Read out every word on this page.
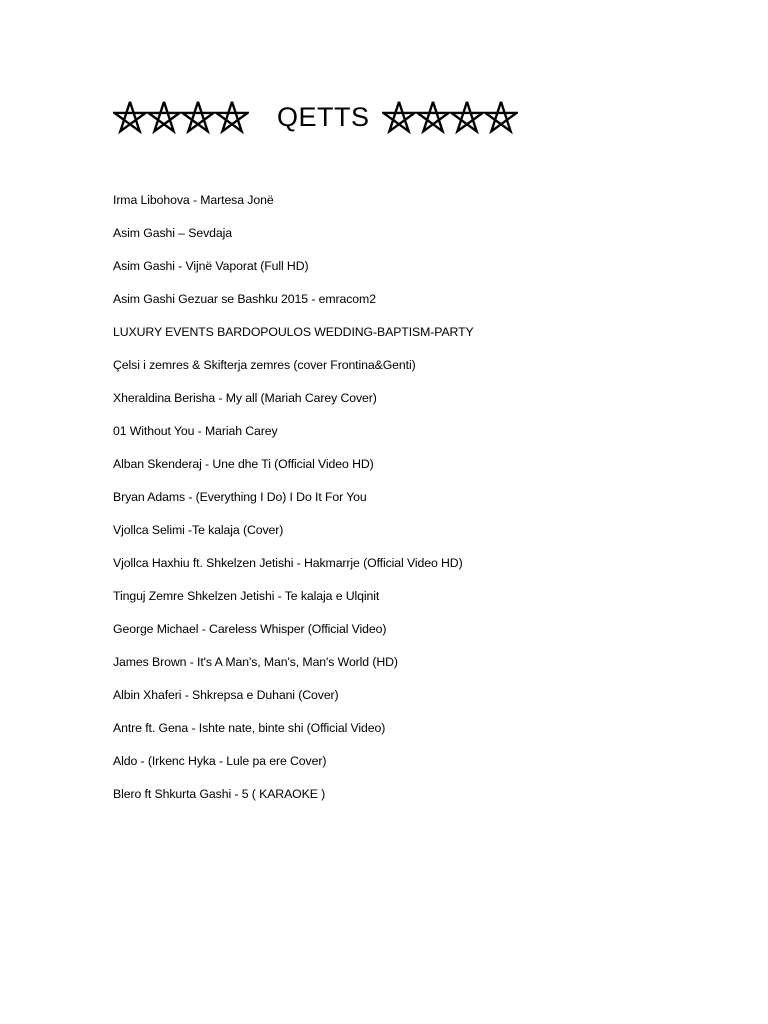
QETTS
Irma Libohova - Martesa Jonë
Asim Gashi – Sevdaja
Asim Gashi - Vijnë Vaporat (Full HD)
Asim Gashi Gezuar se Bashku 2015 - emracom2
LUXURY EVENTS BARDOPOULOS WEDDING-BAPTISM-PARTY
Çelsi i zemres & Skifterja zemres (cover Frontina&Genti)
Xheraldina Berisha - My all (Mariah Carey Cover)
01 Without You - Mariah Carey
Alban Skenderaj - Une dhe Ti (Official Video HD)
Bryan Adams - (Everything I Do) I Do It For You
Vjollca Selimi -Te kalaja (Cover)
Vjollca Haxhiu ft. Shkelzen Jetishi - Hakmarrje (Official Video HD)
Tinguj Zemre Shkelzen Jetishi - Te kalaja e Ulqinit
George Michael - Careless Whisper (Official Video)
James Brown - It's A Man's, Man's, Man's World (HD)
Albin Xhaferi - Shkrepsa e Duhani (Cover)
Antre ft. Gena - Ishte nate, binte shi (Official Video)
Aldo - (Irkenc Hyka - Lule pa ere Cover)
Blero ft Shkurta Gashi - 5 ( KARAOKE )
